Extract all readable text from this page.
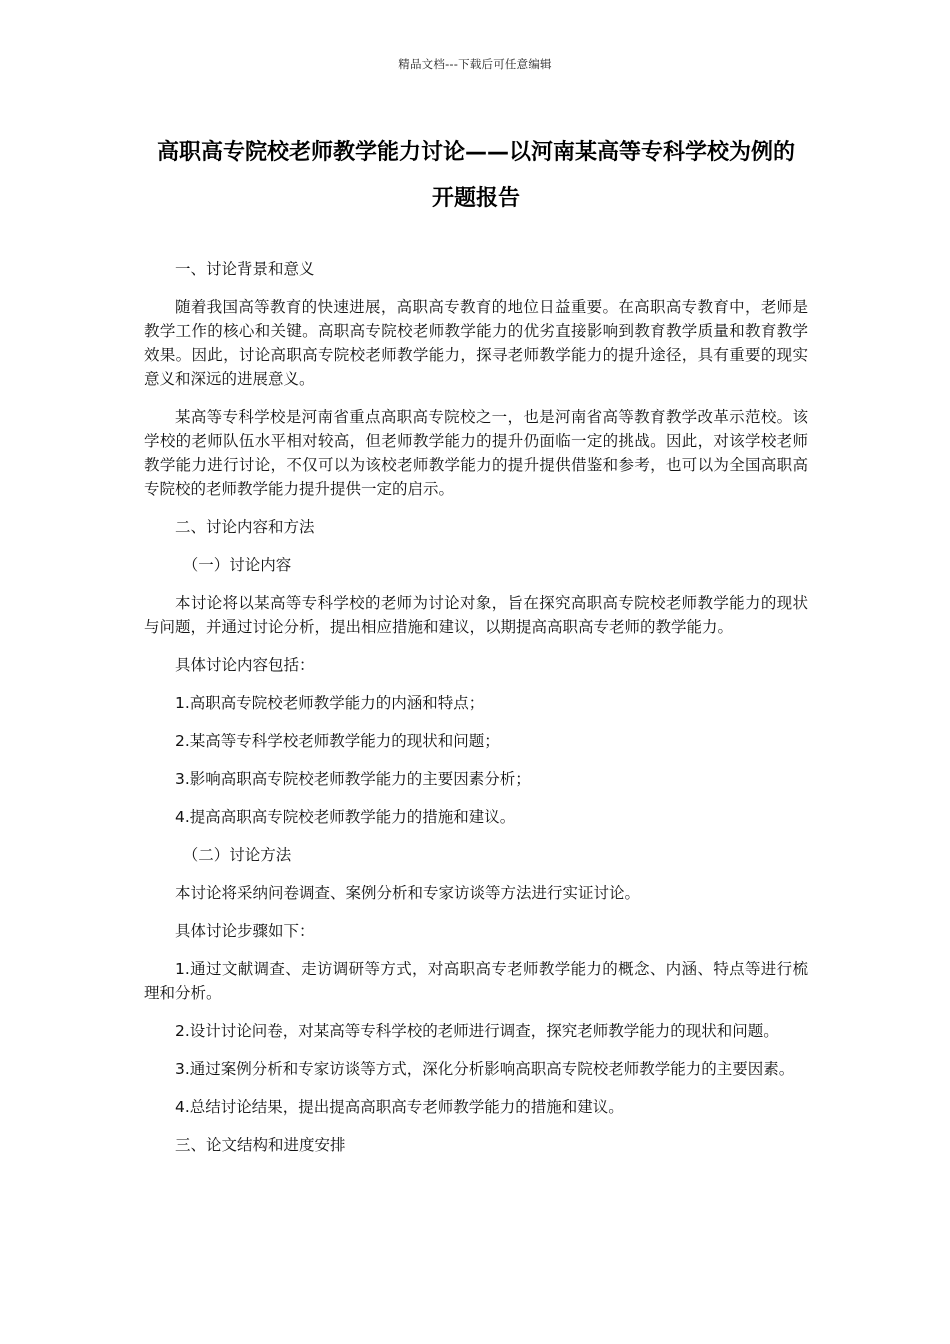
精品文档---下载后可任意编辑
高职高专院校老师教学能力讨论——以河南某高等专科学校为例的开题报告

一、讨论背景和意义

随着我国高等教育的快速进展，高职高专教育的地位日益重要。在高职高专教育中，老师是教学工作的核心和关键。高职高专院校老师教学能力的优劣直接影响到教育教学质量和教育教学效果。因此，讨论高职高专院校老师教学能力，探寻老师教学能力的提升途径，具有重要的现实意义和深远的进展意义。

某高等专科学校是河南省重点高职高专院校之一，也是河南省高等教育教学改革示范校。该学校的老师队伍水平相对较高，但老师教学能力的提升仍面临一定的挑战。因此，对该学校老师教学能力进行讨论，不仅可以为该校老师教学能力的提升提供借鉴和参考，也可以为全国高职高专院校的老师教学能力提升提供一定的启示。

二、讨论内容和方法

（一）讨论内容

本讨论将以某高等专科学校的老师为讨论对象，旨在探究高职高专院校老师教学能力的现状与问题，并通过讨论分析，提出相应措施和建议，以期提高高职高专老师的教学能力。

具体讨论内容包括：

1.高职高专院校老师教学能力的内涵和特点；

2.某高等专科学校老师教学能力的现状和问题；

3.影响高职高专院校老师教学能力的主要因素分析；

4.提高高职高专院校老师教学能力的措施和建议。

（二）讨论方法

本讨论将采纳问卷调查、案例分析和专家访谈等方法进行实证讨论。

具体讨论步骤如下：

1.通过文献调查、走访调研等方式，对高职高专老师教学能力的概念、内涵、特点等进行梳理和分析。

2.设计讨论问卷，对某高等专科学校的老师进行调查，探究老师教学能力的现状和问题。

3.通过案例分析和专家访谈等方式，深化分析影响高职高专院校老师教学能力的主要因素。

4.总结讨论结果，提出提高高职高专老师教学能力的措施和建议。

三、论文结构和进度安排
